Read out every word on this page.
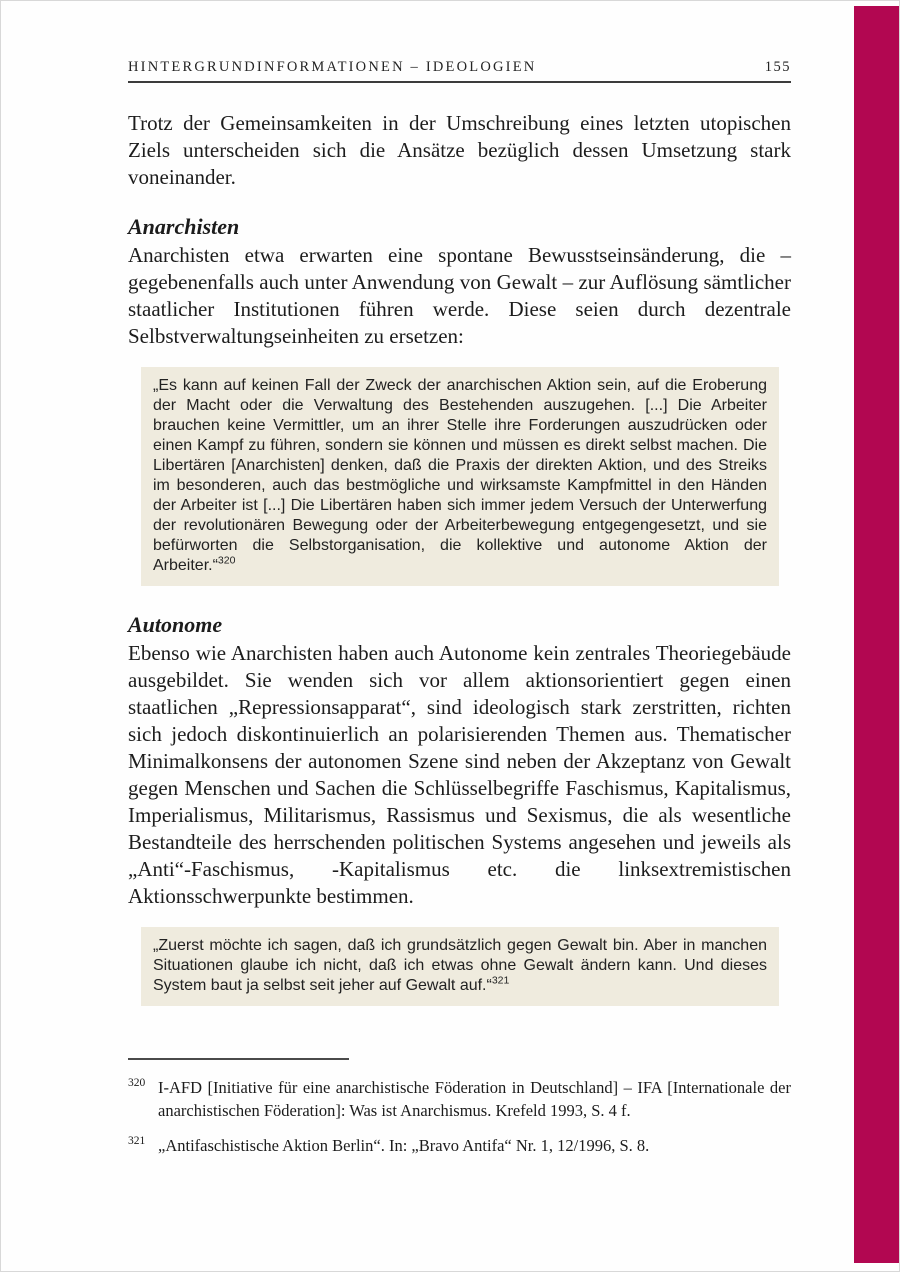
HINTERGRUNDINFORMATIONEN – IDEOLOGIEN	155

Trotz der Gemeinsamkeiten in der Umschreibung eines letzten utopischen Ziels unterscheiden sich die Ansätze bezüglich dessen Umsetzung stark voneinander.

Anarchisten

Anarchisten etwa erwarten eine spontane Bewusstseinsänderung, die – gegebenenfalls auch unter Anwendung von Gewalt – zur Auflösung sämtlicher staatlicher Institutionen führen werde. Diese seien durch dezentrale Selbstverwaltungseinheiten zu ersetzen:

„Es kann auf keinen Fall der Zweck der anarchischen Aktion sein, auf die Eroberung der Macht oder die Verwaltung des Bestehenden auszugehen. [...] Die Arbeiter brauchen keine Vermittler, um an ihrer Stelle ihre Forderungen auszudrücken oder einen Kampf zu führen, sondern sie können und müssen es direkt selbst machen. Die Libertären [Anarchisten] denken, daß die Praxis der direkten Aktion, und des Streiks im besonderen, auch das bestmögliche und wirksamste Kampfmittel in den Händen der Arbeiter ist [...] Die Libertären haben sich immer jedem Versuch der Unterwerfung der revolutionären Bewegung oder der Arbeiterbewegung entgegengesetzt, und sie befürworten die Selbstorganisation, die kollektive und autonome Aktion der Arbeiter.“$^{320}$
Autonome

Ebenso wie Anarchisten haben auch Autonome kein zentrales Theoriegebäude ausgebildet. Sie wenden sich vor allem aktionsorientiert gegen einen staatlichen „Repressionsapparat“, sind ideologisch stark zerstritten, richten sich jedoch diskontinuierlich an polarisierenden Themen aus. Thematischer Minimalkonsens der autonomen Szene sind neben der Akzeptanz von Gewalt gegen Menschen und Sachen die Schlüsselbegriffe Faschismus, Kapitalismus, Imperialismus, Militarismus, Rassismus und Sexismus, die als wesentliche Bestandteile des herrschenden politischen Systems angesehen und jeweils als „Anti“-Faschismus, -Kapitalismus etc. die linksextremistischen Aktionsschwerpunkte bestimmen.

„Zuerst möchte ich sagen, daß ich grundsätzlich gegen Gewalt bin. Aber in manchen Situationen glaube ich nicht, daß ich etwas ohne Gewalt ändern kann. Und dieses System baut ja selbst seit jeher auf Gewalt auf.“$^{321}$
320 I-AFD [Initiative für eine anarchistische Föderation in Deutschland] – IFA [Internationale der anarchistischen Föderation]: Was ist Anarchismus. Krefeld 1993, S. 4 f.
321 „Antifaschistische Aktion Berlin“. In: „Bravo Antifa“ Nr. 1, 12/1996, S. 8.
